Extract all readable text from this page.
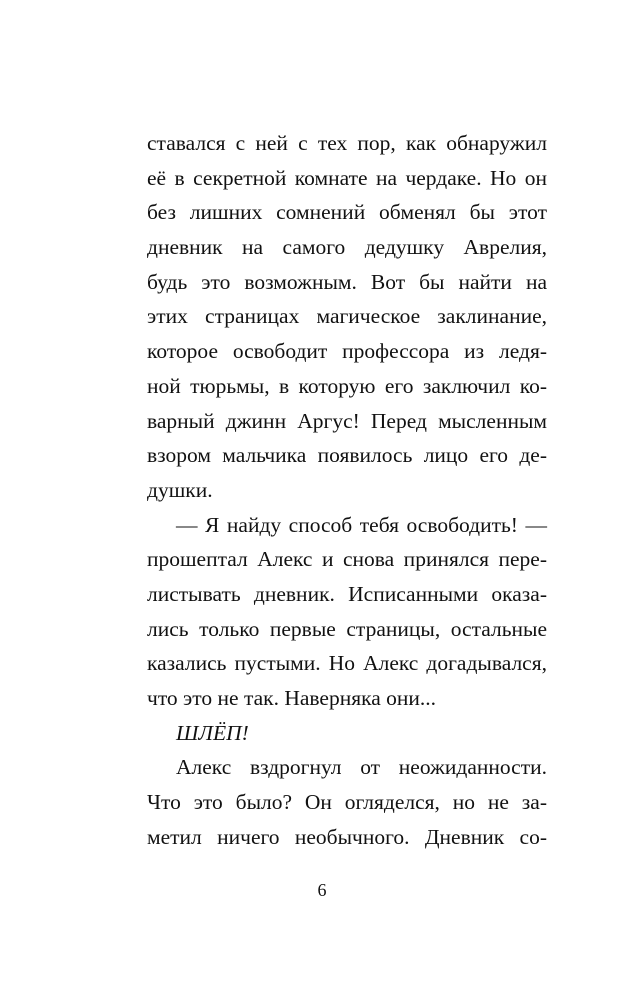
ставался с ней с тех пор, как обнаружил
её в секретной комнате на чердаке. Но он
без лишних сомнений обменял бы этот
дневник на самого дедушку Аврелия,
будь это возможным. Вот бы найти на
этих страницах магическое заклинание,
которое освободит профессора из ледя-
ной тюрьмы, в которую его заключил ко-
варный джинн Аргус! Перед мысленным
взором мальчика появилось лицо его де-
душки.
— Я найду способ тебя освободить! —
прошептал Алекс и снова принялся пере-
листывать дневник. Исписанными оказа-
лись только первые страницы, остальные
казались пустыми. Но Алекс догадывался,
что это не так. Наверняка они...
ШЛЁП!
Алекс вздрогнул от неожиданности.
Что это было? Он огляделся, но не за-
метил ничего необычного. Дневник со-
6
